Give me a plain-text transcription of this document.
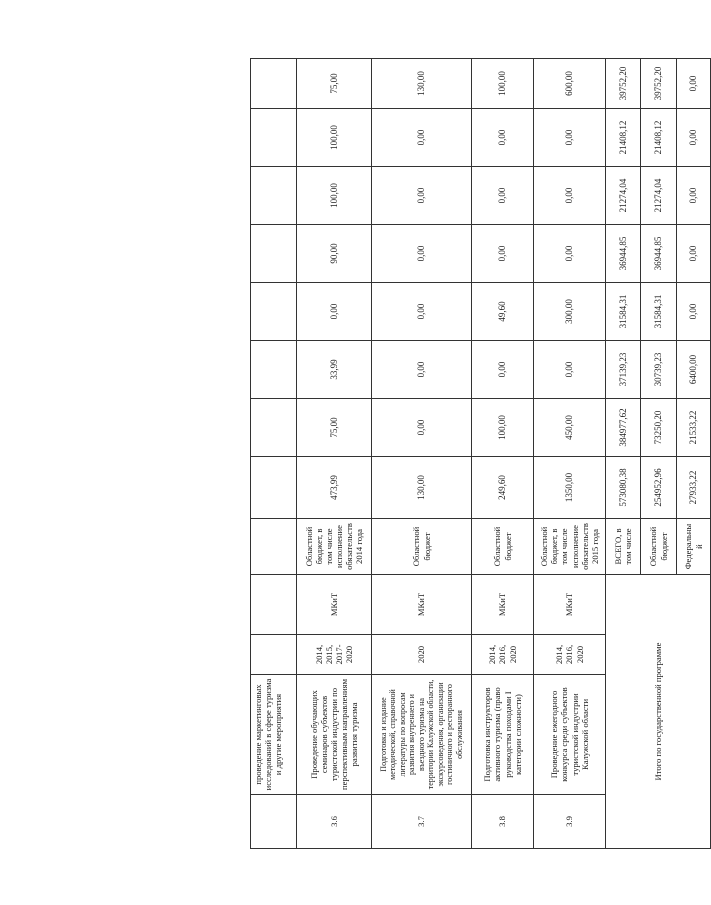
	проведение маркетинговых исследований в сфере туризма и другие мероприятия											
3.6	Проведение обучающих семинаров субъектов туристской индустрии по перспективным направлениям развития туризма	2014, 2015, 2017-2020	МКиТ	Областной бюджет, в том числе исполнение обязательств 2014 года	473,99	75,00	33,99	0,00	90,00	100,00	100,00	75,00
3.7	Подготовка и издание методической, справочной литературы по вопросам развития внутреннего и въездного туризма на территории Калужской области, экскурсоведения, организации гостиничного и ресторанного обслуживания	2020	МКиТ	Областной бюджет	130,00	0,00	0,00	0,00	0,00	0,00	0,00	130,00
3.8	Подготовка инструкторов активного туризма (право руководства походами I категории сложности)	2014, 2016, 2020	МКиТ	Областной бюджет	249,60	100,00	0,00	49,60	0,00	0,00	0,00	100,00
3.9	Проведение ежегодного конкурса среди субъектов туристской индустрии Калужской области	2014, 2016, 2020	МКиТ	Областной бюджет, в том числе исполнение обязательств 2015 года	1350,00	450,00	0,00	300,00	0,00	0,00	0,00	600,00
Итого по государственной программе				ВСЕГО, в том числе	573080,38	384977,62	37139,23	31584,31	36944,85	21274,04	21408,12	39752,20
				Областной бюджет	254952,96	73250,20	30739,23	31584,31	36944,85	21274,04	21408,12	39752,20
				Федеральный	27933,22	21533,22	6400,00	0,00	0,00	0,00	0,00	0,00
